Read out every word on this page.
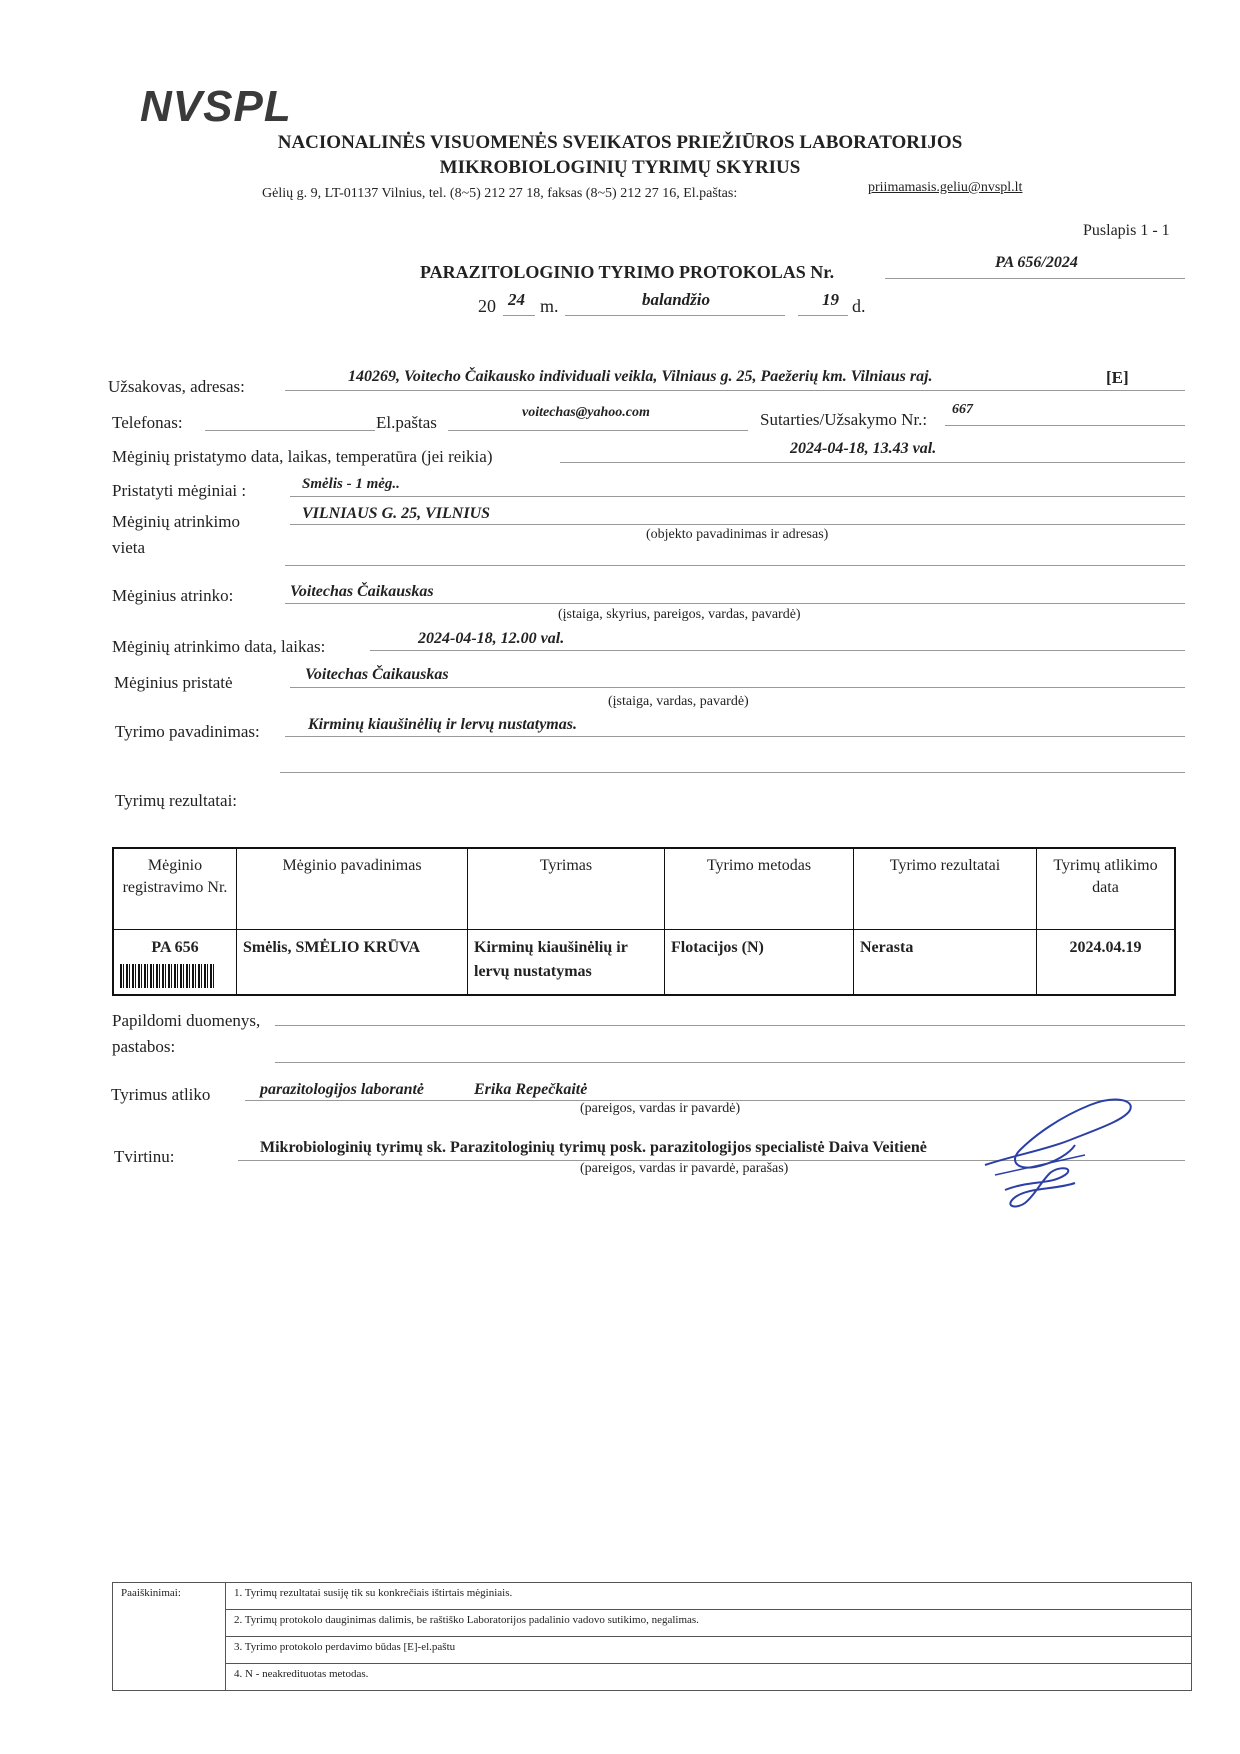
NVSPL
NACIONALINĖS VISUOMENĖS SVEIKATOS PRIEŽIŪROS LABORATORIJOS
MIKROBIOLOGINIŲ TYRIMŲ SKYRIUS
Gėlių g. 9, LT-01137 Vilnius, tel. (8~5) 212 27 18, faksas (8~5) 212 27 16, El.paštas:	priimamasis.geliu@nvspl.lt
Puslapis 1 - 1
PARAZITOLOGINIO TYRIMO PROTOKOLAS Nr.	PA 656/2024
20 24 m.	balandžio	19 d.
Užsakovas, adresas:
140269, Voitecho Čaikausko individuali veikla, Vilniaus g. 25, Paežerių km. Vilniaus raj.	[E]
Telefonas:	El.paštas
voitechas@yahoo.com	Sutarties/Užsakymo Nr.:
667
Mėginių pristatymo data, laikas, temperatūra (jei reikia)	2024-04-18, 13.43 val.
Pristatyti mėginiai :	Smėlis - 1 mėg..
Mėginių atrinkimo
vieta
VILNIAUS G. 25, VILNIUS
(objekto pavadinimas ir adresas)
Mėginius atrinko:	Voitechas Čaikauskas
(įstaiga, skyrius, pareigos, vardas, pavardė)
Mėginių atrinkimo data, laikas:	2024-04-18, 12.00 val.
Mėginius pristatė	Voitechas Čaikauskas
(įstaiga, vardas, pavardė)
Tyrimo pavadinimas:	Kirminų kiaušinėlių ir lervų nustatymas.
Tyrimų rezultatai:
Mėginio registravimo Nr.	Mėginio pavadinimas	Tyrimas	Tyrimo metodas	Tyrimo rezultatai	Tyrimų atlikimo data
PA 656	Smėlis, SMĖLIO KRŪVA	Kirminų kiaušinėlių ir lervų nustatymas	Flotacijos (N)	Nerasta	2024.04.19
Papildomi duomenys,
pastabos:
Tyrimus atliko	parazitologijos laborantė	Erika Repečkaitė
(pareigos, vardas ir pavardė)
Tvirtinu:	Mikrobiologinių tyrimų sk. Parazitologinių tyrimų posk. parazitologijos specialistė Daiva Veitienė
(pareigos, vardas ir pavardė, parašas)
Paaiškinimai:	1. Tyrimų rezultatai susiję tik su konkrečiais ištirtais mėginiais.
2. Tyrimų protokolo dauginimas dalimis, be raštiško Laboratorijos padalinio vadovo sutikimo, negalimas.
3. Tyrimo protokolo perdavimo būdas [E]-el.paštu
4. N - neakredituotas metodas.
